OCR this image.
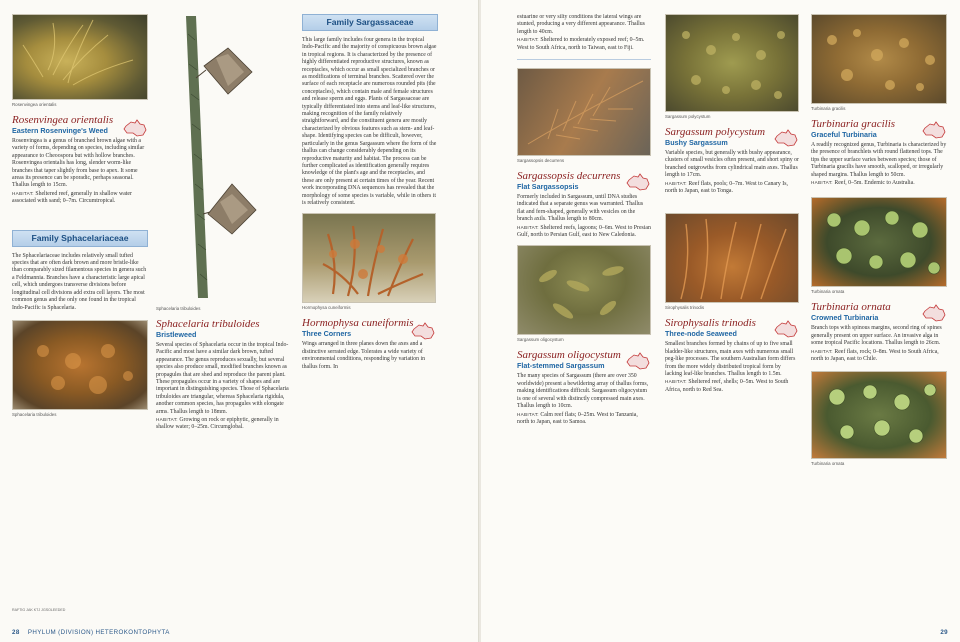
Rosenvingea orientalis
Rosenvingea orientalis
Eastern Rosenvinge's Weed
Rosenvingea is a genus of branched brown algae with a variety of forms, depending on species, including similar appearance to Cheoospora but with hollow branches. Rosenvingea orientalis has long, slender worm-like branches that taper slightly from base to apex. It some areas its presence can be sporadic, perhaps seasonal. Thallus length to 15cm.
HABITAT: Sheltered reef, generally in shallow water associated with sand; 0–7m. Circumtropical.
Family Sphacelariaceae
The Sphacelariaceae includes relatively small tufted species that are often dark brown and more bristle-like than comparably sized filamentous species in genera such a Feldmannia. Branches have a characteristic large apical cell, which undergoes transverse divisions before longitudinal cell divisions add extra cell layers. The most common genus and the only one found in the tropical Indo-Pacific is Sphacelaria.
Sphacelaria tribuloides
Sphacelaria tribuloides
Sphacelaria tribuloides
Bristleweed
Several species of Sphacelaria occur in the tropical Indo-Pacific and most have a similar dark brown, tufted appearance. The genus reproduces sexually, but several species also produce small, modified branches known as propagules that are shed and reproduce the parent plant. These propagules occur in a variety of shapes and are important in distinguishing species. Those of Sphacelaria tribuloides are triangular, whereas Sphacelaria rigidula, another common species, has propagules with elongate arms. Thallus length to 18mm.
HABITAT: Growing on rock or epiphytic, generally in shallow water; 0–25m. Circumglobal.
Family Sargassaceae
This large family includes four genera in the tropical Indo-Pacific and the majority of conspicuous brown algae in tropical regions. It is characterized by the presence of highly differentiated reproductive structures, known as receptacles, which occur as small specialized branches or as modifications of terminal branches. Scattered over the surface of each receptacle are numerous rounded pits (the conceptacles), which contain male and female structures and release sperm and eggs. Plants of Sargassaceae are typically differentiated into stems and leaf-like structures, making recognition of the family relatively straightforward, and the constituent genera are mostly characterized by obvious features such as stem- and leaf-shape. Identifying species can be difficult, however, particularly in the genus Sargassum where the form of the thallus can change considerably depending on its reproductive maturity and habitat. The process can be further complicated as identification generally requires knowledge of the plant's age and the receptacles, and these are only present at certain times of the year. Recent work incorporating DNA sequences has revealed that the morphology of some species is variable, while in others it is relatively consistent.
Hormophysa cuneiformis
Hormophysa cuneiformis
Three Corners
Wings arranged in three planes down the axes and a distinctive serrated edge. Tolerates a wide variety of environmental conditions, responding by variation in thallus form. In
RAFTIG JAK KTJ JGSOLEEDED
28 PHYLUM (DIVISION) HETEROKONTOPHYTA
estuarine or very silty conditions the lateral wings are stunted, producing a very different appearance. Thallus length to 40cm.
HABITAT: Sheltered to moderately exposed reef; 0–5m. West to South Africa, north to Taiwan, east to Fiji.
Sargassopsis decurrens
Sargassopsis decurrens
Flat Sargassopsis
Formerly included in Sargassum, until DNA studies indicated that a separate genus was warranted. Thallus flat and fern-shaped, generally with vesicles on the branch axils. Thallus length to 80cm.
HABITAT: Sheltered reefs, lagoons; 0–6m. West to Presian Gulf, north to Persian Gulf, east to New Caledonia.
Sargassum oligocystum
Sargassum oligocystum
Flat-stemmed Sargassum
The many species of Sargassum (there are over 350 worldwide) present a bewildering array of thallus forms, making identifications difficult. Sargassum oligocystum is one of several with distinctly compressed main axes. Thallus length to 10cm.
HABITAT: Calm reef flats; 0–25m. West to Tanzania, north to Japan, east to Samoa.
Sargassum polycystum
Sargassum polycystum
Bushy Sargassum
Variable species, but generally with bushy appearance, clusters of small vesicles often present, and short spiny or branched outgrowths from cylindrical main axes. Thallus length to 17cm.
HABITAT: Reef flats, pools; 0–7m. West to Canary Is, north to Japan, east to Tonga.
Sirophysalis trinodis
Sirophysalis trinodis
Three-node Seaweed
Smallest branches formed by chains of up to five small bladder-like structures, main axes with numerous small peg-like processes. The southern Australian form differs from the more widely distributed tropical form by lacking leaf-like branches. Thallus length to 1.5m.
HABITAT: Sheltered reef, shells; 0–5m. West to South Africa, north to Red Sea.
Turbinaria gracilis
Turbinaria gracilis
Graceful Turbinaria
A readily recognized genus, Turbinaria is characterized by the presence of branchlets with round flattened tops. The tips the upper surface varies between species; those of Turbinaria gracilis have smooth, scalloped, or irregularly shaped margins. Thallus length to 50cm.
HABITAT: Reef, 0–5m. Endemic to Australia.
Turbinaria ornata
Turbinaria ornata
Crowned Turbinaria
Branch tops with spinous margins, second ring of spines generally present on upper surface. An invasive alga in some tropical Pacific locations. Thallus length to 26cm.
HABITAT: Reef flats, rock; 0–8m. West to South Africa, north to Japan, east to Chile.
Turbinaria ornata
29
